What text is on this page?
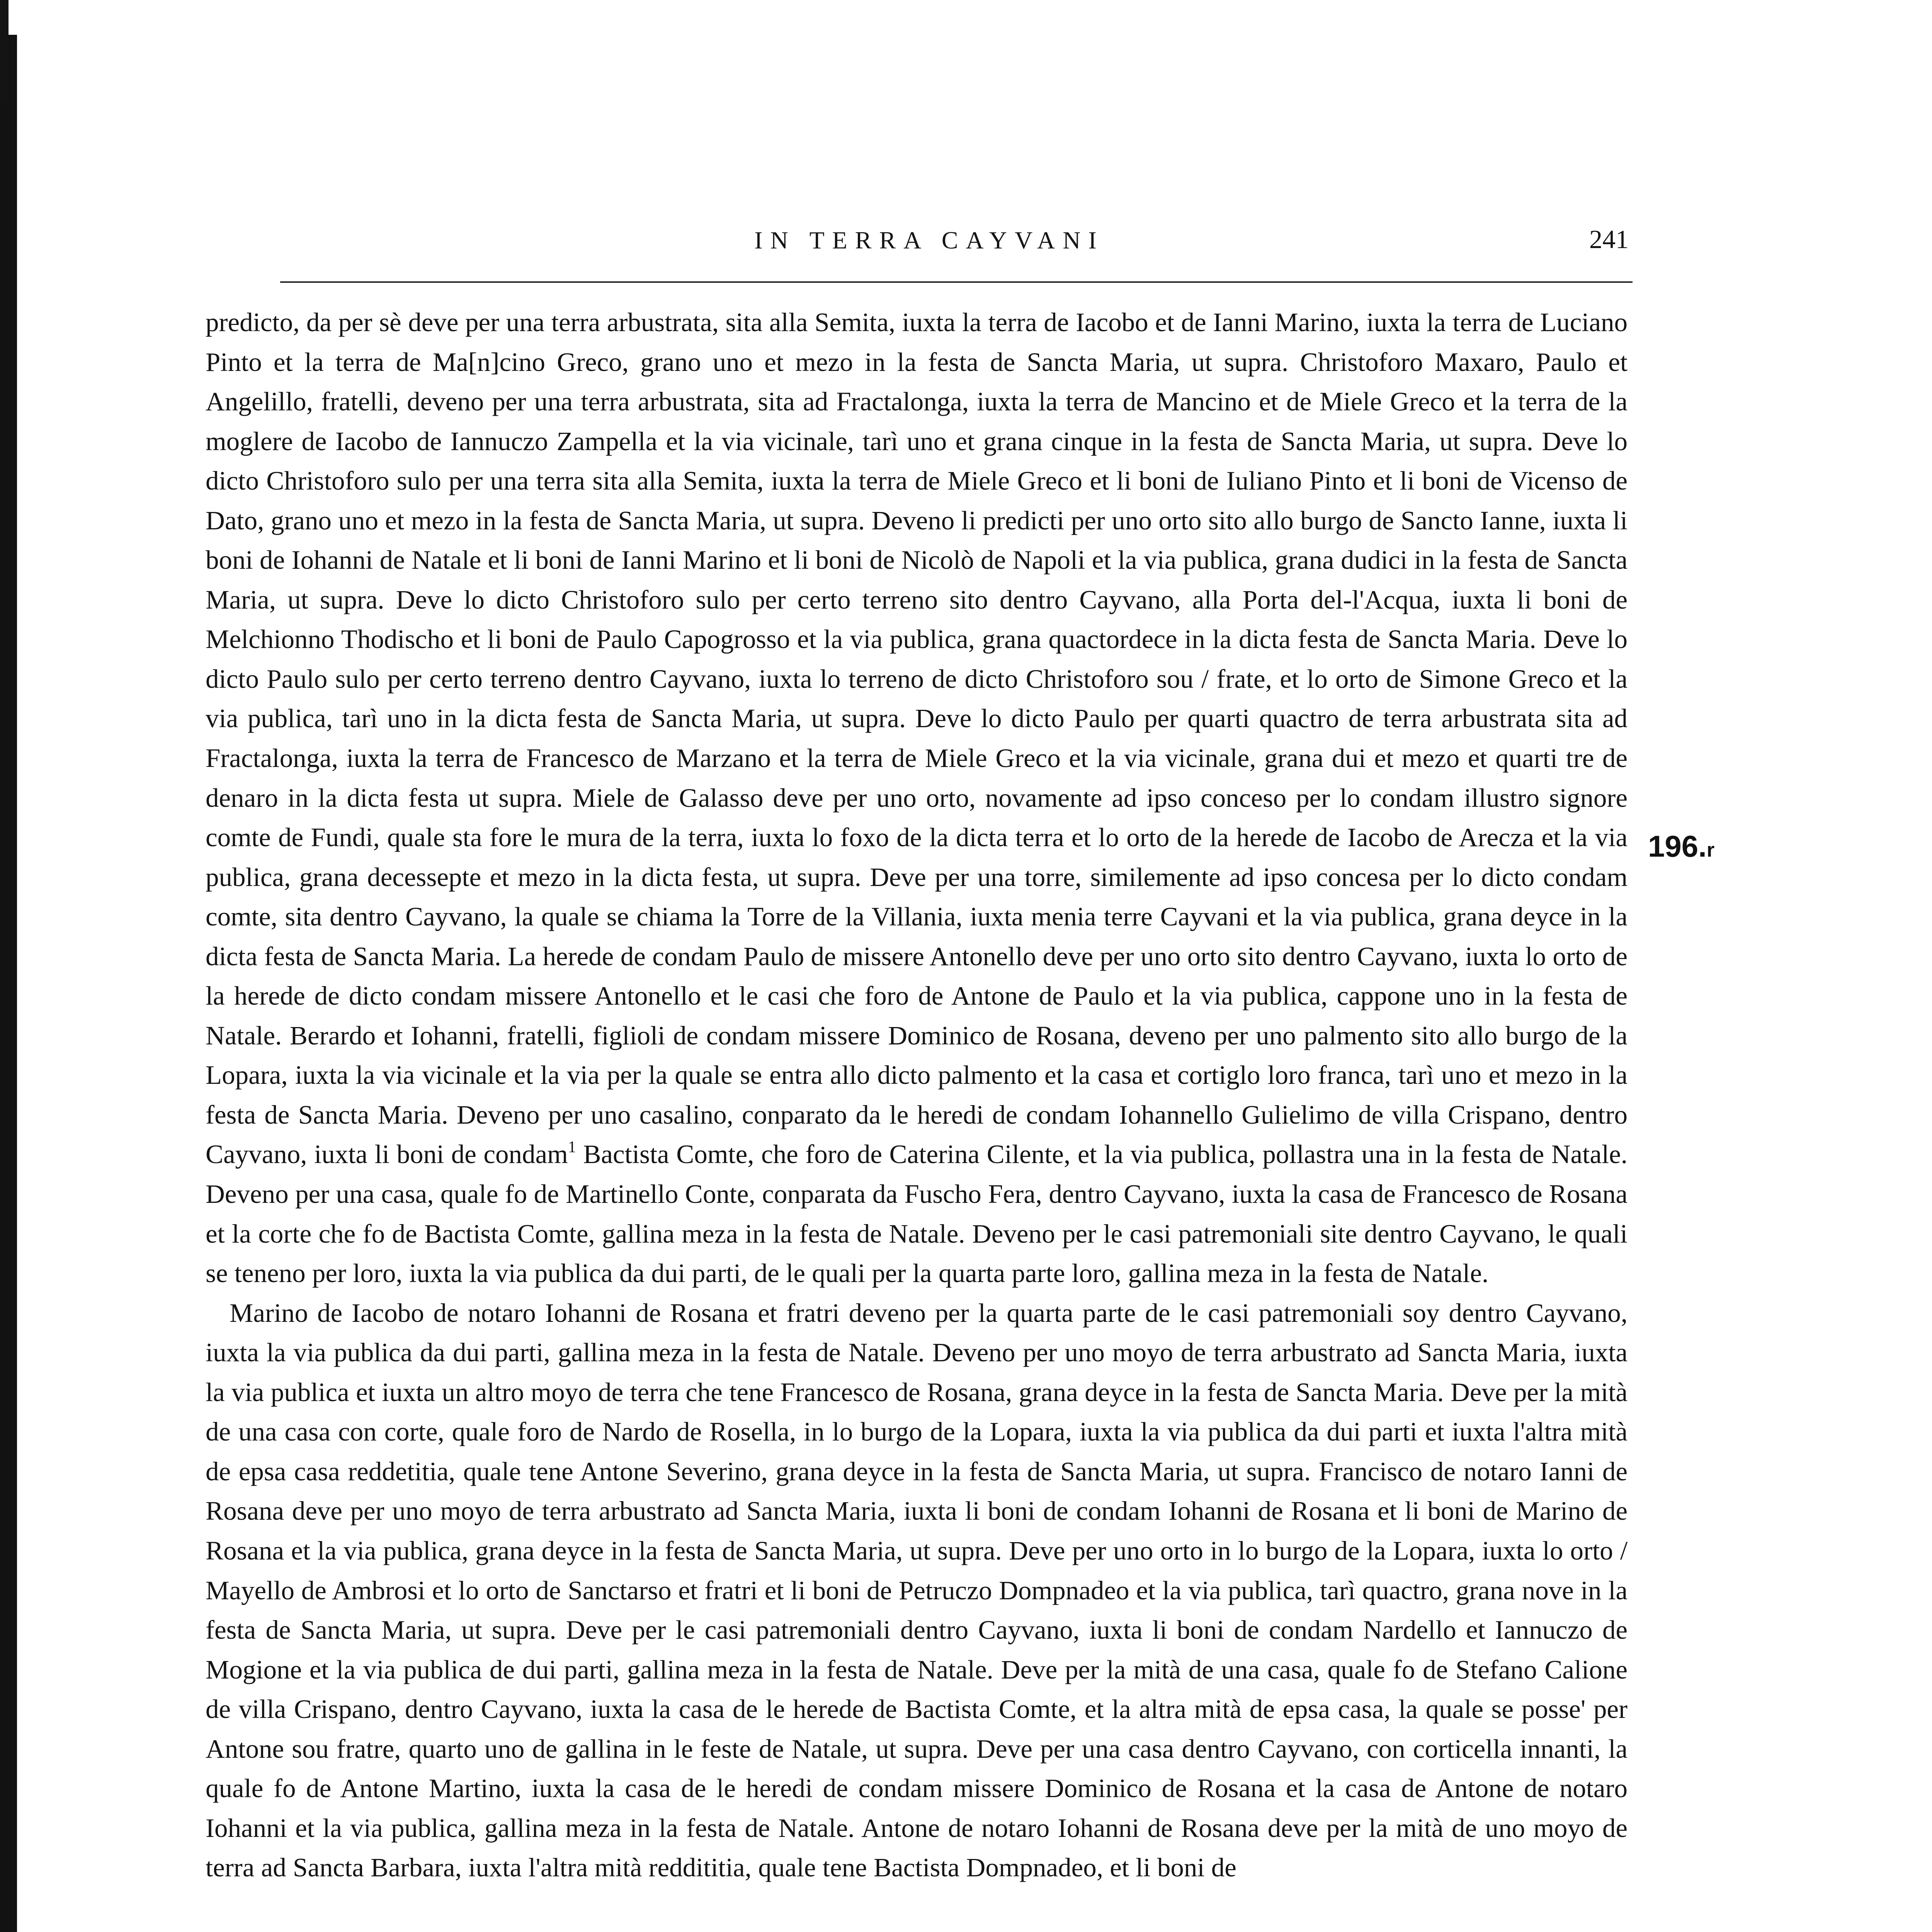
IN TERRA CAYVANI	241

predicto, da per sè deve per una terra arbustrata, sita alla Semita, iuxta la terra de Iacobo et de Ianni Marino, iuxta la terra de Luciano Pinto et la terra de Ma[n]cino Greco, grano uno et mezo in la festa de Sancta Maria, ut supra. Christoforo Maxaro, Paulo et Angelillo, fratelli, deveno per una terra arbustrata, sita ad Fractalonga, iuxta la terra de Mancino et de Miele Greco et la terra de la moglere de Iacobo de Iannuczo Zampella et la via vicinale, tarì uno et grana cinque in la festa de Sancta Maria, ut supra. Deve lo dicto Christoforo sulo per una terra sita alla Semita, iuxta la terra de Miele Greco et li boni de Iuliano Pinto et li boni de Vicenso de Dato, grano uno et mezo in la festa de Sancta Maria, ut supra. Deveno li predicti per uno orto sito allo burgo de Sancto Ianne, iuxta li boni de Iohanni de Natale et li boni de Ianni Marino et li boni de Nicolò de Napoli et la via publica, grana dudici in la festa de Sancta Maria, ut supra. Deve lo dicto Christoforo sulo per certo terreno sito dentro Cayvano, alla Porta del-l'Acqua, iuxta li boni de Melchionno Thodischo et li boni de Paulo Capogrosso et la via publica, grana quactordece in la dicta festa de Sancta Maria. Deve lo dicto Paulo sulo per certo terreno dentro Cayvano, iuxta lo terreno de dicto Christoforo sou / frate, et lo orto de Simone Greco et la via publica, tarì uno in la dicta festa de Sancta Maria, ut supra. Deve lo dicto Paulo per quarti quactro de terra arbustrata sita ad Fractalonga, iuxta la terra de Francesco de Marzano et la terra de Miele Greco et la via vicinale, grana dui et mezo et quarti tre de denaro in la dicta festa ut supra. Miele de Galasso deve per uno orto, novamente ad ipso conceso per lo condam illustro signore comte de Fundi, quale sta fore le mura de la terra, iuxta lo foxo de la dicta terra et lo orto de la herede de Iacobo de Arecza et la via publica, grana decessepte et mezo in la dicta festa, ut supra. Deve per una torre, similemente ad ipso concesa per lo dicto condam comte, sita dentro Cayvano, la quale se chiama la Torre de la Villania, iuxta menia terre Cayvani et la via publica, grana deyce in la dicta festa de Sancta Maria. La herede de condam Paulo de missere Antonello deve per uno orto sito dentro Cayvano, iuxta lo orto de la herede de dicto condam missere Antonello et le casi che foro de Antone de Paulo et la via publica, cappone uno in la festa de Natale. Berardo et Iohanni, fratelli, figlioli de condam missere Dominico de Rosana, deveno per uno palmento sito allo burgo de la Lopara, iuxta la via vicinale et la via per la quale se entra allo dicto palmento et la casa et cortiglo loro franca, tarì uno et mezo in la festa de Sancta Maria. Deveno per uno casalino, conparato da le heredi de condam Iohannello Gulielimo de villa Crispano, dentro Cayvano, iuxta li boni de condam$^1$ Bactista Comte, che foro de Caterina Cilente, et la via publica, pollastra una in la festa de Natale. Deveno per una casa, quale fo de Martinello Conte, conparata da Fuscho Fera, dentro Cayvano, iuxta la casa de Francesco de Rosana et la corte che fo de Bactista Comte, gallina meza in la festa de Natale. Deveno per le casi patremoniali site dentro Cayvano, le quali se teneno per loro, iuxta la via publica da dui parti, de le quali per la quarta parte loro, gallina meza in la festa de Natale.

Marino de Iacobo de notaro Iohanni de Rosana et fratri deveno per la quarta parte de le casi patremoniali soy dentro Cayvano, iuxta la via publica da dui parti, gallina meza in la festa de Natale. Deveno per uno moyo de terra arbustrato ad Sancta Maria, iuxta la via publica et iuxta un altro moyo de terra che tene Francesco de Rosana, grana deyce in la festa de Sancta Maria. Deve per la mità de una casa con corte, quale foro de Nardo de Rosella, in lo burgo de la Lopara, iuxta la via publica da dui parti et iuxta l'altra mità de epsa casa reddetitia, quale tene Antone Severino, grana deyce in la festa de Sancta Maria, ut supra. Francisco de notaro Ianni de Rosana deve per uno moyo de terra arbustrato ad Sancta Maria, iuxta li boni de condam Iohanni de Rosana et li boni de Marino de Rosana et la via publica, grana deyce in la festa de Sancta Maria, ut supra. Deve per uno orto in lo burgo de la Lopara, iuxta lo orto / Mayello de Ambrosi et lo orto de Sanctarso et fratri et li boni de Petruczo Dompnadeo et la via publica, tarì quactro, grana nove in la festa de Sancta Maria, ut supra. Deve per le casi patremoniali dentro Cayvano, iuxta li boni de condam Nardello et Iannuczo de Mogione et la via publica de dui parti, gallina meza in la festa de Natale. Deve per la mità de una casa, quale fo de Stefano Calione de villa Crispano, dentro Cayvano, iuxta la casa de le herede de Bactista Comte, et la altra mità de epsa casa, la quale se posse' per Antone sou fratre, quarto uno de gallina in le feste de Natale, ut supra. Deve per una casa dentro Cayvano, con corticella innanti, la quale fo de Antone Martino, iuxta la casa de le heredi de condam missere Dominico de Rosana et la casa de Antone de notaro Iohanni et la via publica, gallina meza in la festa de Natale. Antone de notaro Iohanni de Rosana deve per la mità de uno moyo de terra ad Sancta Barbara, iuxta l'altra mità reddititia, quale tene Bactista Dompnadeo, et li boni de

196.r
